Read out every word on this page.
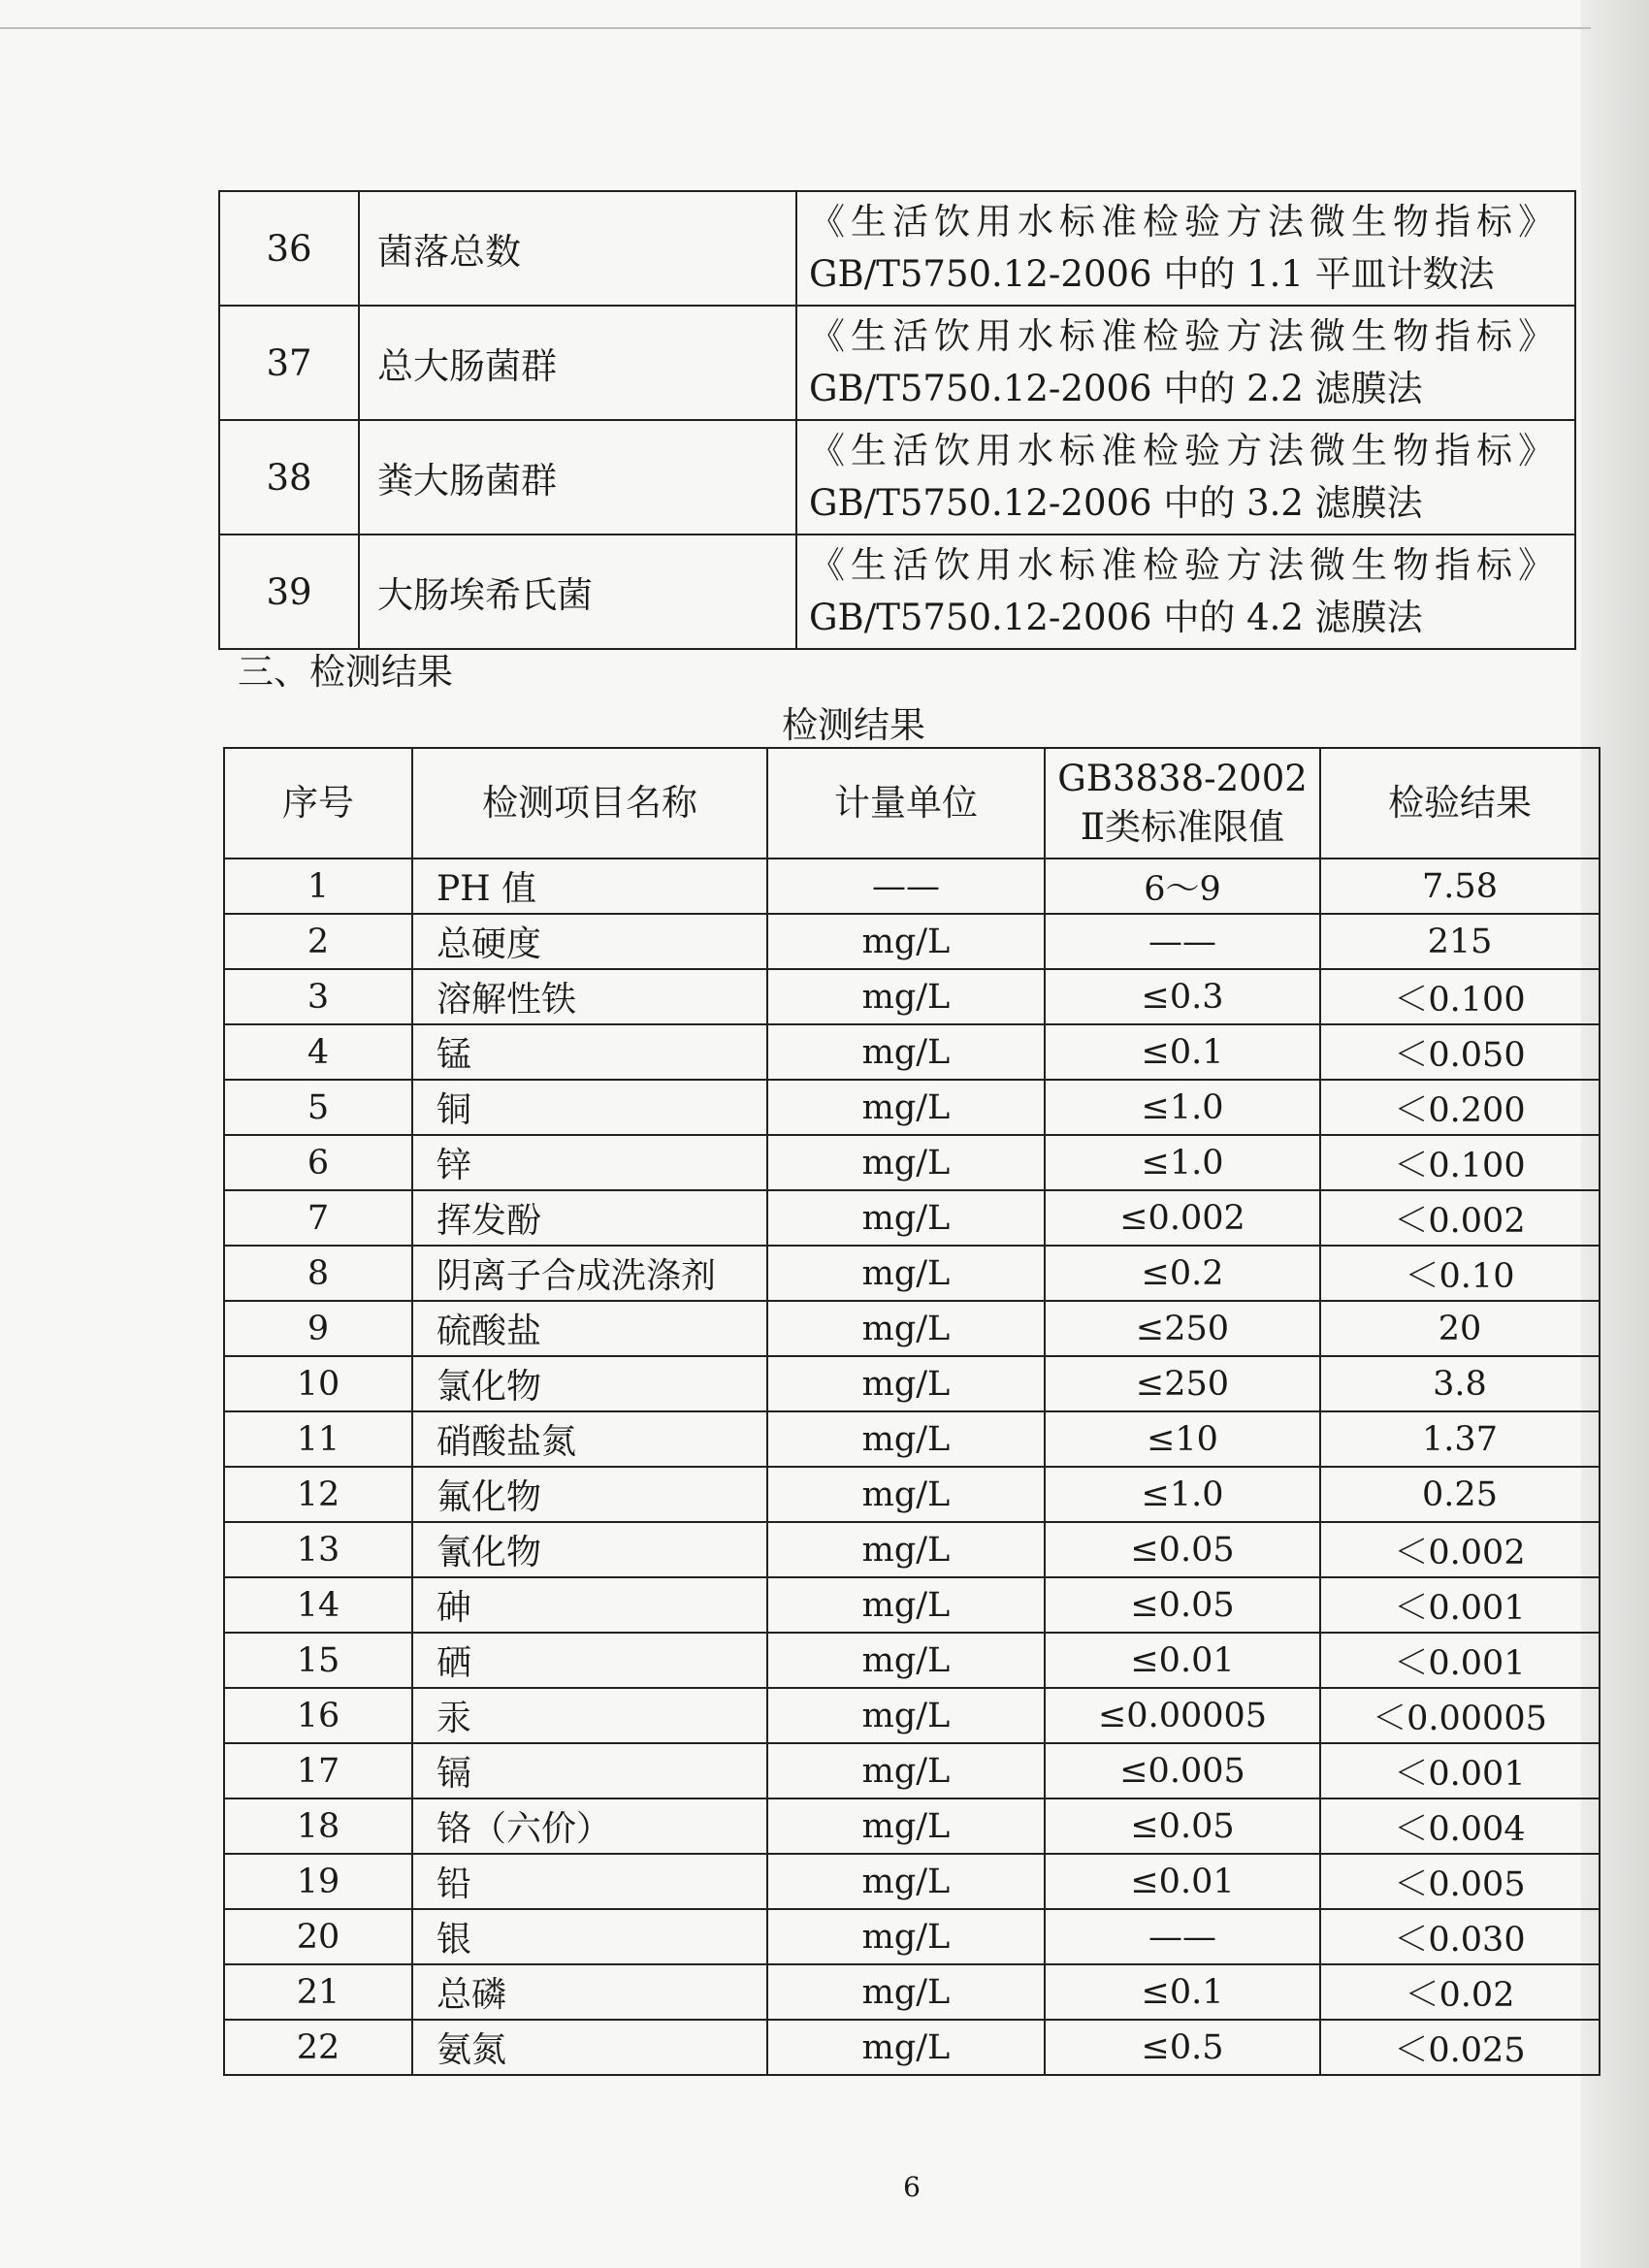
36	菌落总数	《生活饮用水标准检验方法微生物指标》
GB/T5750.12-2006 中的 1.1 平皿计数法

37	总大肠菌群	《生活饮用水标准检验方法微生物指标》
GB/T5750.12-2006 中的 2.2 滤膜法

38	粪大肠菌群	《生活饮用水标准检验方法微生物指标》
GB/T5750.12-2006 中的 3.2 滤膜法

39	大肠埃希氏菌	《生活饮用水标准检验方法微生物指标》
GB/T5750.12-2006 中的 4.2 滤膜法
三、检测结果
检测结果
序号	检测项目名称	计量单位	GB3838-2002
Ⅱ类标准限值	检验结果
1	PH 值	——	6～9	7.58
2	总硬度	mg/L	——	215
3	溶解性铁	mg/L	≤0.3	＜0.100
4	锰	mg/L	≤0.1	＜0.050
5	铜	mg/L	≤1.0	＜0.200
6	锌	mg/L	≤1.0	＜0.100
7	挥发酚	mg/L	≤0.002	＜0.002
8	阴离子合成洗涤剂	mg/L	≤0.2	＜0.10
9	硫酸盐	mg/L	≤250	20
10	氯化物	mg/L	≤250	3.8
11	硝酸盐氮	mg/L	≤10	1.37
12	氟化物	mg/L	≤1.0	0.25
13	氰化物	mg/L	≤0.05	＜0.002
14	砷	mg/L	≤0.05	＜0.001
15	硒	mg/L	≤0.01	＜0.001
16	汞	mg/L	≤0.00005	＜0.00005
17	镉	mg/L	≤0.005	＜0.001
18	铬（六价）	mg/L	≤0.05	＜0.004
19	铅	mg/L	≤0.01	＜0.005
20	银	mg/L	——	＜0.030
21	总磷	mg/L	≤0.1	＜0.02
22	氨氮	mg/L	≤0.5	＜0.025
6
